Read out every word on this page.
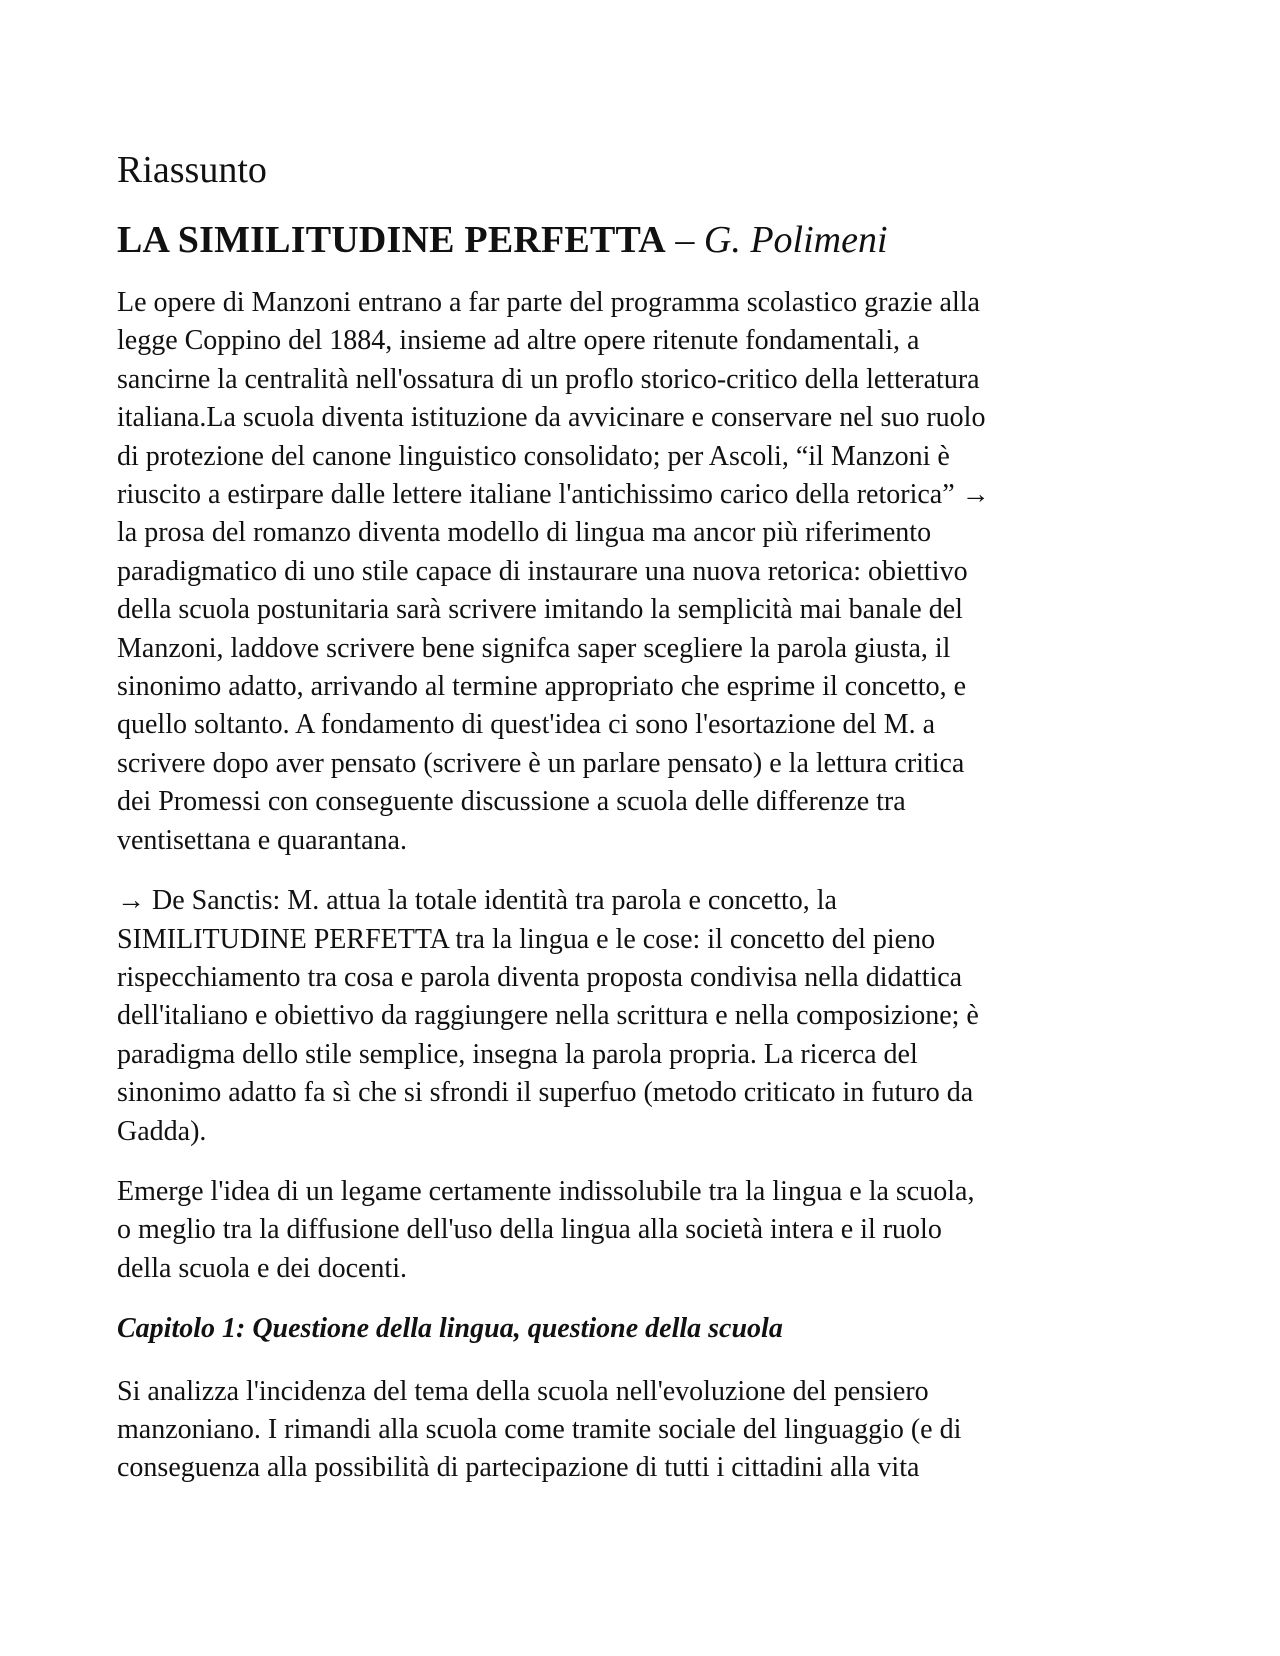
Riassunto
LA SIMILITUDINE PERFETTA – G. Polimeni

Le opere di Manzoni entrano a far parte del programma scolastico grazie alla
legge Coppino del 1884, insieme ad altre opere ritenute fondamentali, a
sancirne la centralità nell'ossatura di un proflo storico-critico della letteratura
italiana.La scuola diventa istituzione da avvicinare e conservare nel suo ruolo
di protezione del canone linguistico consolidato; per Ascoli, “il Manzoni è
riuscito a estirpare dalle lettere italiane l'antichissimo carico della retorica” →
la prosa del romanzo diventa modello di lingua ma ancor più riferimento
paradigmatico di uno stile capace di instaurare una nuova retorica: obiettivo
della scuola postunitaria sarà scrivere imitando la semplicità mai banale del
Manzoni, laddove scrivere bene signifca saper scegliere la parola giusta, il
sinonimo adatto, arrivando al termine appropriato che esprime il concetto, e
quello soltanto. A fondamento di quest'idea ci sono l'esortazione del M. a
scrivere dopo aver pensato (scrivere è un parlare pensato) e la lettura critica
dei Promessi con conseguente discussione a scuola delle differenze tra
ventisettana e quarantana.

→ De Sanctis: M. attua la totale identità tra parola e concetto, la
SIMILITUDINE PERFETTA tra la lingua e le cose: il concetto del pieno
rispecchiamento tra cosa e parola diventa proposta condivisa nella didattica
dell'italiano e obiettivo da raggiungere nella scrittura e nella composizione; è
paradigma dello stile semplice, insegna la parola propria. La ricerca del
sinonimo adatto fa sì che si sfrondi il superfuo (metodo criticato in futuro da
Gadda).

Emerge l'idea di un legame certamente indissolubile tra la lingua e la scuola,
o meglio tra la diffusione dell'uso della lingua alla società intera e il ruolo
della scuola e dei docenti.

Capitolo 1: Questione della lingua, questione della scuola

Si analizza l'incidenza del tema della scuola nell'evoluzione del pensiero
manzoniano. I rimandi alla scuola come tramite sociale del linguaggio (e di
conseguenza alla possibilità di partecipazione di tutti i cittadini alla vita
